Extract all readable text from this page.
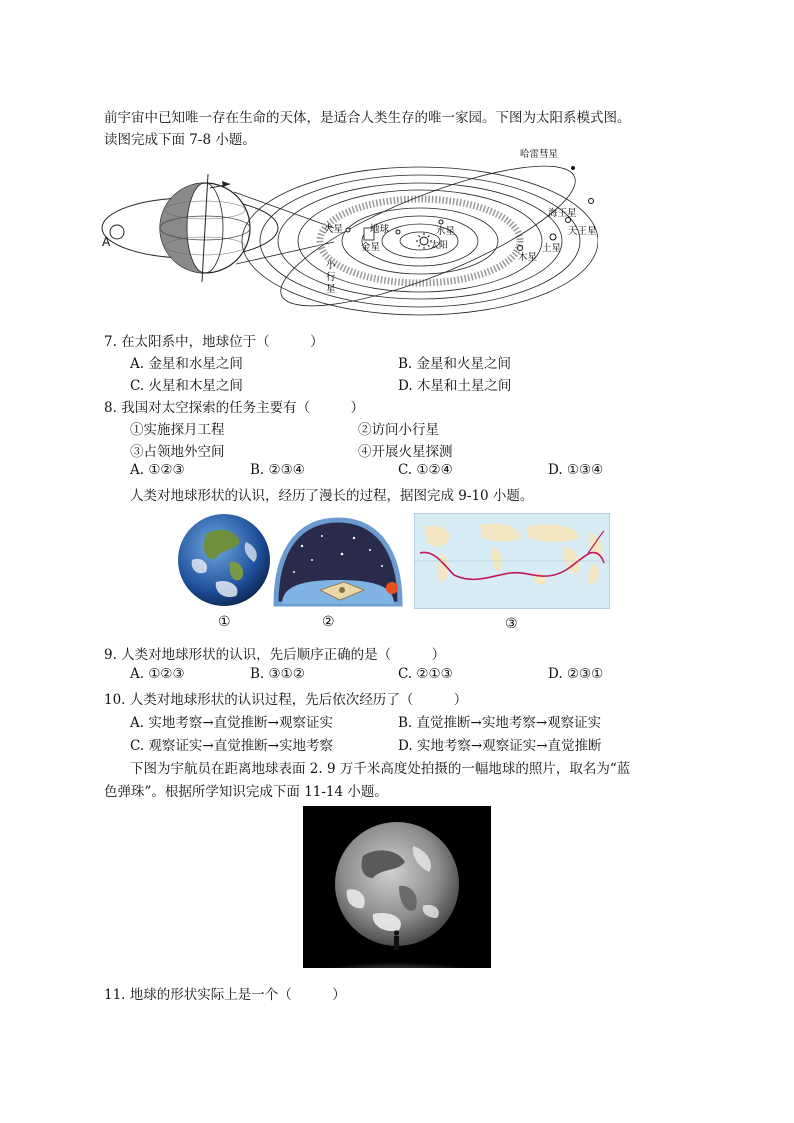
前宇宙中已知唯一存在生命的天体，是适合人类生存的唯一家园。下图为太阳系模式图。
读图完成下面 7-8 小题。
A
哈雷彗星
海王星
天王星
土星
木星
水星
太阳
地球
金星
火星
小
行
星
7. 在太阳系中，地球位于（　　　）
A. 金星和水星之间	B. 金星和火星之间
C. 火星和木星之间	D. 木星和土星之间
8. 我国对太空探索的任务主要有（　　　）
①实施探月工程	②访问小行星
③占领地外空间	④开展火星探测
A. ①②③	B. ②③④	C. ①②④	D. ①③④
人类对地球形状的认识，经历了漫长的过程，据图完成 9-10 小题。
①	②	③
9. 人类对地球形状的认识，先后顺序正确的是（　　　）
A. ①②③	B. ③①②	C. ②①③	D. ②③①
10. 人类对地球形状的认识过程，先后依次经历了（　　　）
A. 实地考察→直觉推断→观察证实	B. 直觉推断→实地考察→观察证实
C. 观察证实→直觉推断→实地考察	D. 实地考察→观察证实→直觉推断
下图为宇航员在距离地球表面 2. 9 万千米高度处拍摄的一幅地球的照片，取名为“蓝
色弹珠”。根据所学知识完成下面 11-14 小题。
11. 地球的形状实际上是一个（　　　）
